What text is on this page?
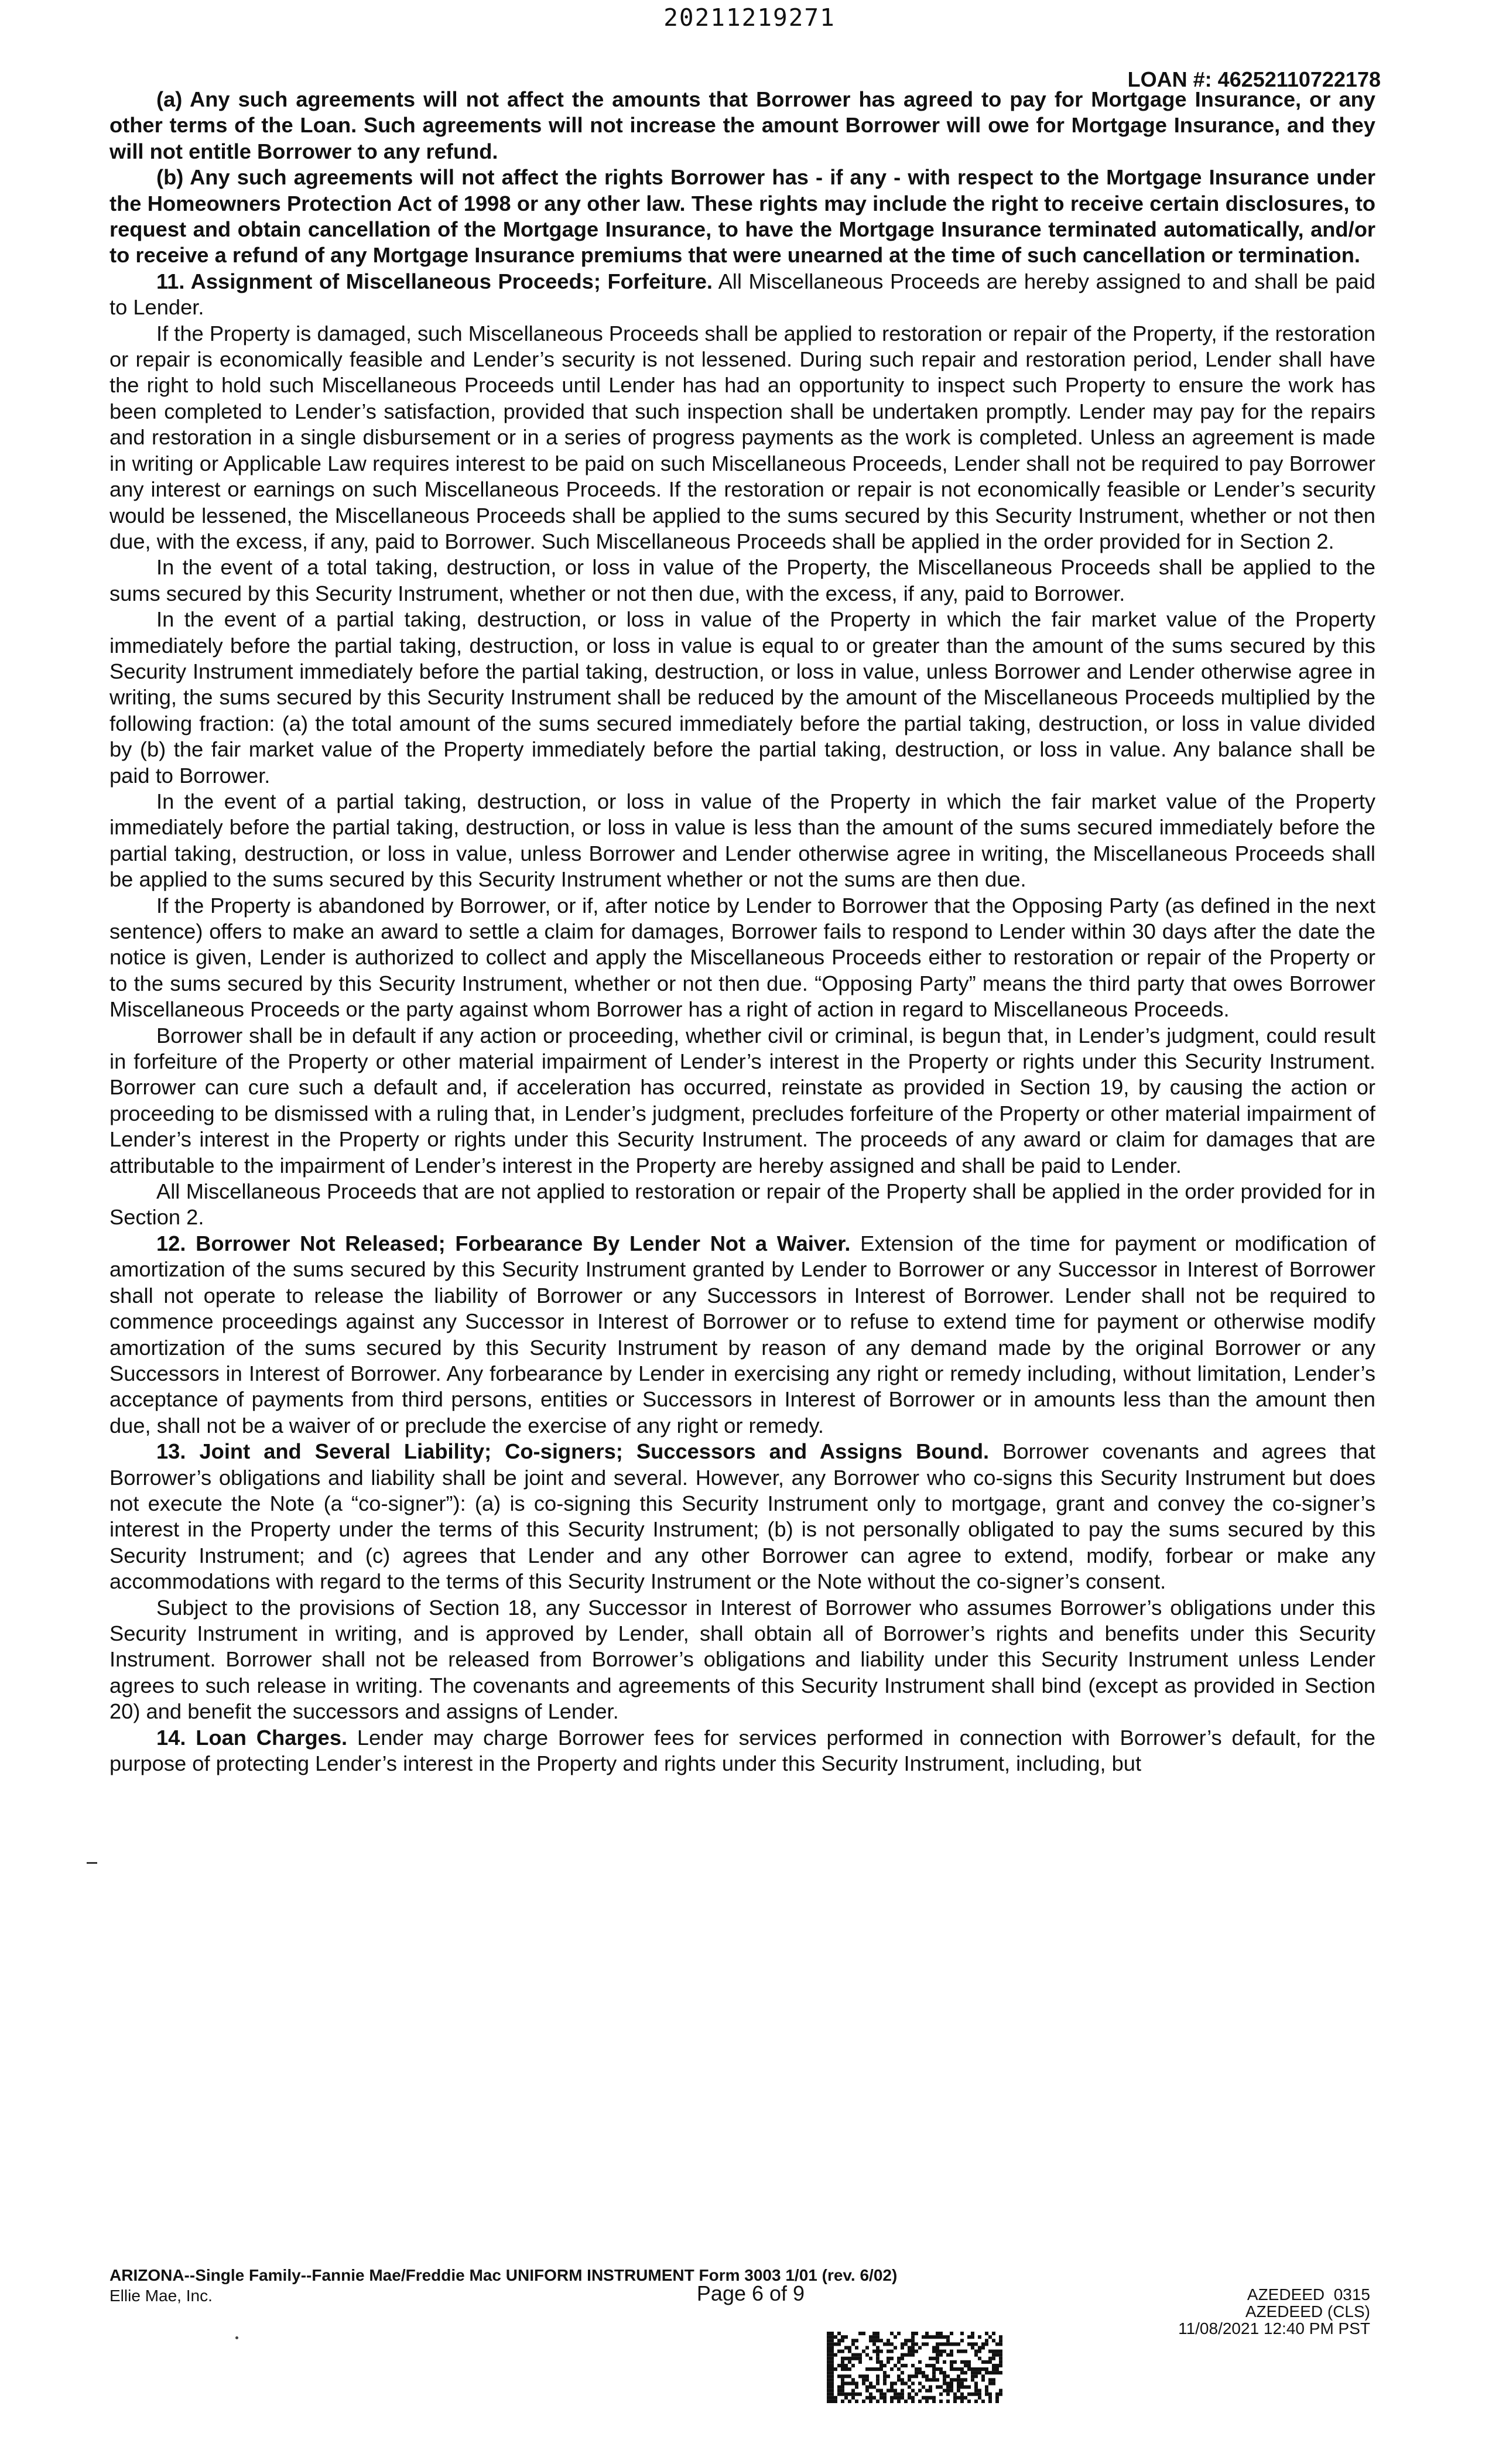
20211219271
LOAN #: 46252110722178

(a) Any such agreements will not affect the amounts that Borrower has agreed to pay for Mortgage Insurance, or any other terms of the Loan. Such agreements will not increase the amount Borrower will owe for Mortgage Insurance, and they will not entitle Borrower to any refund.

(b) Any such agreements will not affect the rights Borrower has - if any - with respect to the Mortgage Insurance under the Homeowners Protection Act of 1998 or any other law. These rights may include the right to receive certain disclosures, to request and obtain cancellation of the Mortgage Insurance, to have the Mortgage Insurance terminated automatically, and/or to receive a refund of any Mortgage Insurance premiums that were unearned at the time of such cancellation or termination.

11. Assignment of Miscellaneous Proceeds; Forfeiture. All Miscellaneous Proceeds are hereby assigned to and shall be paid to Lender.

If the Property is damaged, such Miscellaneous Proceeds shall be applied to restoration or repair of the Property, if the restoration or repair is economically feasible and Lender’s security is not lessened. During such repair and restoration period, Lender shall have the right to hold such Miscellaneous Proceeds until Lender has had an opportunity to inspect such Property to ensure the work has been completed to Lender’s satisfaction, provided that such inspection shall be undertaken promptly. Lender may pay for the repairs and restoration in a single disbursement or in a series of progress payments as the work is completed. Unless an agreement is made in writing or Applicable Law requires interest to be paid on such Miscellaneous Proceeds, Lender shall not be required to pay Borrower any interest or earnings on such Miscellaneous Proceeds. If the restoration or repair is not economically feasible or Lender’s security would be lessened, the Miscellaneous Proceeds shall be applied to the sums secured by this Security Instrument, whether or not then due, with the excess, if any, paid to Borrower. Such Miscellaneous Proceeds shall be applied in the order provided for in Section 2.

In the event of a total taking, destruction, or loss in value of the Property, the Miscellaneous Proceeds shall be applied to the sums secured by this Security Instrument, whether or not then due, with the excess, if any, paid to Borrower.

In the event of a partial taking, destruction, or loss in value of the Property in which the fair market value of the Property immediately before the partial taking, destruction, or loss in value is equal to or greater than the amount of the sums secured by this Security Instrument immediately before the partial taking, destruction, or loss in value, unless Borrower and Lender otherwise agree in writing, the sums secured by this Security Instrument shall be reduced by the amount of the Miscellaneous Proceeds multiplied by the following fraction: (a) the total amount of the sums secured immediately before the partial taking, destruction, or loss in value divided by (b) the fair market value of the Property immediately before the partial taking, destruction, or loss in value. Any balance shall be paid to Borrower.

In the event of a partial taking, destruction, or loss in value of the Property in which the fair market value of the Property immediately before the partial taking, destruction, or loss in value is less than the amount of the sums secured immediately before the partial taking, destruction, or loss in value, unless Borrower and Lender otherwise agree in writing, the Miscellaneous Proceeds shall be applied to the sums secured by this Security Instrument whether or not the sums are then due.

If the Property is abandoned by Borrower, or if, after notice by Lender to Borrower that the Opposing Party (as defined in the next sentence) offers to make an award to settle a claim for damages, Borrower fails to respond to Lender within 30 days after the date the notice is given, Lender is authorized to collect and apply the Miscellaneous Proceeds either to restoration or repair of the Property or to the sums secured by this Security Instrument, whether or not then due. “Opposing Party” means the third party that owes Borrower Miscellaneous Proceeds or the party against whom Borrower has a right of action in regard to Miscellaneous Proceeds.

Borrower shall be in default if any action or proceeding, whether civil or criminal, is begun that, in Lender’s judgment, could result in forfeiture of the Property or other material impairment of Lender’s interest in the Property or rights under this Security Instrument. Borrower can cure such a default and, if acceleration has occurred, reinstate as provided in Section 19, by causing the action or proceeding to be dismissed with a ruling that, in Lender’s judgment, precludes forfeiture of the Property or other material impairment of Lender’s interest in the Property or rights under this Security Instrument. The proceeds of any award or claim for damages that are attributable to the impairment of Lender’s interest in the Property are hereby assigned and shall be paid to Lender.

All Miscellaneous Proceeds that are not applied to restoration or repair of the Property shall be applied in the order provided for in Section 2.

12. Borrower Not Released; Forbearance By Lender Not a Waiver. Extension of the time for payment or modification of amortization of the sums secured by this Security Instrument granted by Lender to Borrower or any Successor in Interest of Borrower shall not operate to release the liability of Borrower or any Successors in Interest of Borrower. Lender shall not be required to commence proceedings against any Successor in Interest of Borrower or to refuse to extend time for payment or otherwise modify amortization of the sums secured by this Security Instrument by reason of any demand made by the original Borrower or any Successors in Interest of Borrower. Any forbearance by Lender in exercising any right or remedy including, without limitation, Lender’s acceptance of payments from third persons, entities or Successors in Interest of Borrower or in amounts less than the amount then due, shall not be a waiver of or preclude the exercise of any right or remedy.

13. Joint and Several Liability; Co-signers; Successors and Assigns Bound. Borrower covenants and agrees that Borrower’s obligations and liability shall be joint and several. However, any Borrower who co-signs this Security Instrument but does not execute the Note (a “co-signer”): (a) is co-signing this Security Instrument only to mortgage, grant and convey the co-signer’s interest in the Property under the terms of this Security Instrument; (b) is not personally obligated to pay the sums secured by this Security Instrument; and (c) agrees that Lender and any other Borrower can agree to extend, modify, forbear or make any accommodations with regard to the terms of this Security Instrument or the Note without the co-signer’s consent.

Subject to the provisions of Section 18, any Successor in Interest of Borrower who assumes Borrower’s obligations under this Security Instrument in writing, and is approved by Lender, shall obtain all of Borrower’s rights and benefits under this Security Instrument. Borrower shall not be released from Borrower’s obligations and liability under this Security Instrument unless Lender agrees to such release in writing. The covenants and agreements of this Security Instrument shall bind (except as provided in Section 20) and benefit the successors and assigns of Lender.

14. Loan Charges. Lender may charge Borrower fees for services performed in connection with Borrower’s default, for the purpose of protecting Lender’s interest in the Property and rights under this Security Instrument, including, but

ARIZONA--Single Family--Fannie Mae/Freddie Mac UNIFORM INSTRUMENT Form 3003 1/01 (rev. 6/02)
Ellie Mae, Inc.	Page 6 of 9	AZEDEED  0315
AZEDEED (CLS)
11/08/2021 12:40 PM PST
